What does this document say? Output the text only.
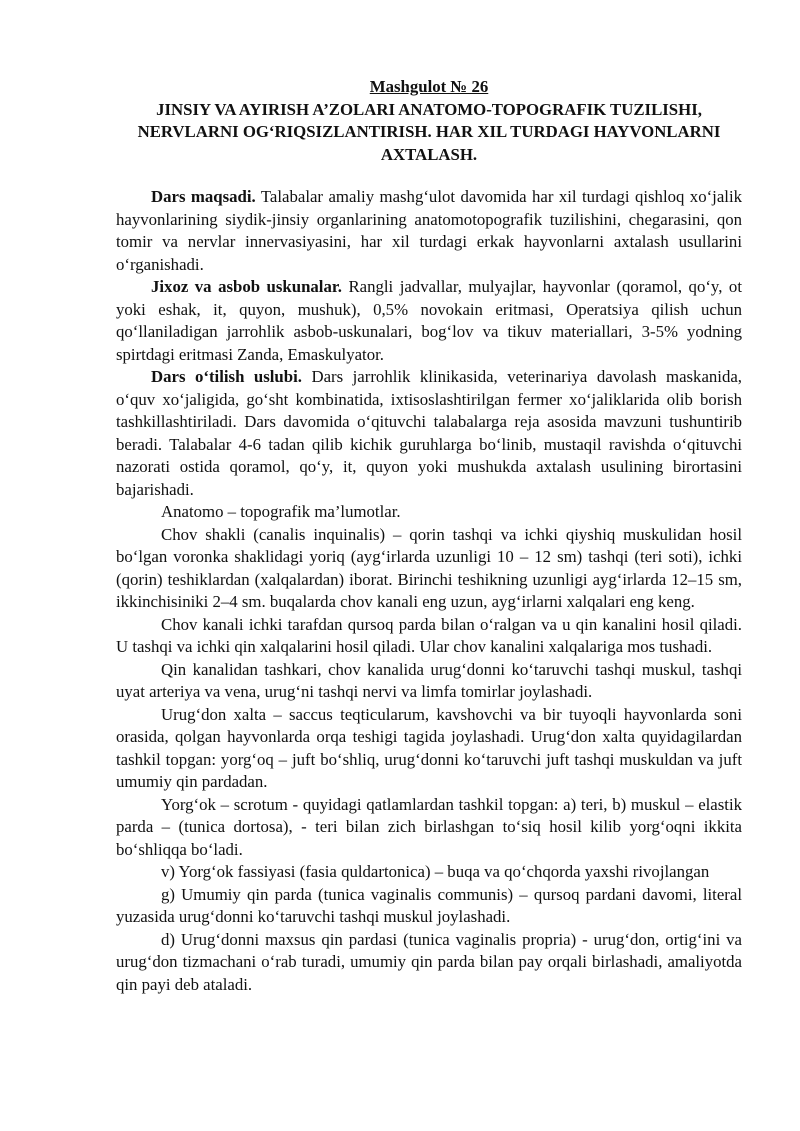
Mashgulot № 26
JINSIY VA AYIRISH A’ZOLARI ANATOMO-TOPOGRAFIK TUZILISHI, NERVLARNI OG‘RIQSIZLANTIRISH. HAR XIL TURDAGI HAYVONLARNI AXTALASH.

Dars maqsadi. Talabalar amaliy mashg‘ulot davomida har xil turdagi qishloq xo‘jalik hayvonlarining siydik-jinsiy organlarining anatomotopografik tuzilishini, chegarasini, qon tomir va nervlar innervasiyasini, har xil turdagi erkak hayvonlarni axtalash usullarini o‘rganishadi.

Jixoz va asbob uskunalar. Rangli jadvallar, mulyajlar, hayvonlar (qoramol, qo‘y, ot yoki eshak, it, quyon, mushuk), 0,5% novokain eritmasi, Operatsiya qilish uchun qo‘llaniladigan jarrohlik asbob-uskunalari, bog‘lov va tikuv materiallari, 3-5% yodning spirtdagi eritmasi Zanda, Emaskulyator.

Dars o‘tilish uslubi. Dars jarrohlik klinikasida, veterinariya davolash maskanida, o‘quv xo‘jaligida, go‘sht kombinatida, ixtisoslashtirilgan fermer xo‘jaliklarida olib borish tashkillashtiriladi. Dars davomida o‘qituvchi talabalarga reja asosida mavzuni tushuntirib beradi. Talabalar 4-6 tadan qilib kichik guruhlarga bo‘linib, mustaqil ravishda o‘qituvchi nazorati ostida qoramol, qo‘y, it, quyon yoki mushukda axtalash usulining birortasini bajarishadi.

Anatomo – topografik ma’lumotlar.

Chov shakli (canalis inquinalis) – qorin tashqi va ichki qiyshiq muskulidan hosil bo‘lgan voronka shaklidagi yoriq (ayg‘irlarda uzunligi 10 – 12 sm) tashqi (teri soti), ichki (qorin) teshiklardan (xalqalardan) iborat. Birinchi teshikning uzunligi ayg‘irlarda 12–15 sm, ikkinchisiniki 2–4 sm. buqalarda chov kanali eng uzun, ayg‘irlarni xalqalari eng keng.

Chov kanali ichki tarafdan qursoq parda bilan o‘ralgan va u qin kanalini hosil qiladi. U tashqi va ichki qin xalqalarini hosil qiladi. Ular chov kanalini xalqalariga mos tushadi.

Qin kanalidan tashkari, chov kanalida urug‘donni ko‘taruvchi tashqi muskul, tashqi uyat arteriya va vena, urug‘ni tashqi nervi va limfa tomirlar joylashadi.

Urug‘don xalta – saccus teqticularum, kavshovchi va bir tuyoqli hayvonlarda soni orasida, qolgan hayvonlarda orqa teshigi tagida joylashadi. Urug‘don xalta quyidagilardan tashkil topgan: yorg‘oq – juft bo‘shliq, urug‘donni ko‘taruvchi juft tashqi muskuldan va juft umumiy qin pardadan.

Yorg‘ok – scrotum - quyidagi qatlamlardan tashkil topgan: a) teri, b) muskul – elastik parda – (tunica dortosa), - teri bilan zich birlashgan to‘siq hosil kilib yorg‘oqni ikkita bo‘shliqqa bo‘ladi.

v) Yorg‘ok fassiyasi (fasia quldartonica) – buqa va qo‘chqorda yaxshi rivojlangan

g) Umumiy qin parda (tunica vaginalis communis) – qursoq pardani davomi, literal yuzasida urug‘donni ko‘taruvchi tashqi muskul joylashadi.

d) Urug‘donni maxsus qin pardasi (tunica vaginalis propria) - urug‘don, ortig‘ini va urug‘don tizmachani o‘rab turadi, umumiy qin parda bilan pay orqali birlashadi, amaliyotda qin payi deb ataladi.
